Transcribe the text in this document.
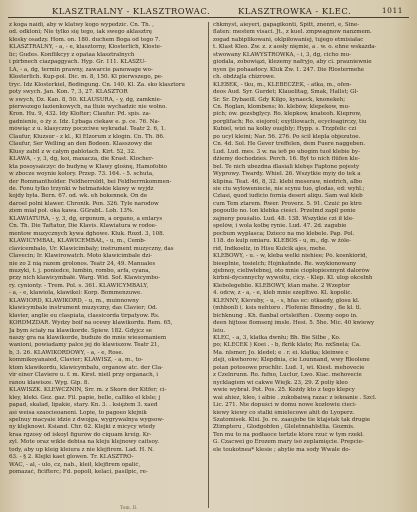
KLASZTRALNY - KLASZTROWAC.	KLASZTROWKA - KLEC.	1011
z koga naidi, aby w klatwy kogo wypedzic. Cn. Th. ,
od. odkloni; Nie tylko się tego, iak swego aklasztrę
klesky osadzy. Hom. on. 180. duchem Boga od tego 7.
KLASZTRALNY, - a, - e, klasztorny, Klosterlich, Kloste-
lic; Gudes. Konflikcyy z opataa klasztralnych
i pirbnech ciazpaggyach. Hyp. Gr. 111. KLASZU-
LA, - a, dg, termin prawny, zawarcie panowage wo-
Klosterlich. Kup-pol. Dic. m. 8, 150. Kl pierwszego, pe-
tryc. Idz Klosterkiel, Bedingung. Cn. 140. Kl. Za. sko klasztoru
poty swych. Jan. Kon. 7, 3, 27. KLASZTOR
w swych, Dz. Kan. 8, 50. KLAUSURA, - y, dg, zamknie-
pierwszego łazienkowych, na tluie wychadzic nie wolno.
Kron. Hu. 9, 432. Idy Klofter; Claufur. Pd. spis. za-
gadnienie, o źy z. Idz. Lybaga ciekaw e. p. ce. 76. Na-
mówiąc z u. klasyczny poczciwe wykradał. Teatr 2. 6, 1.
Claufur, Kluzsur - z kl., Kl Elzorum z klogin. Cn. Th. 86.
Claufur, Ser Welling an den Bodeen. Klasszowy die
Klusy zabil z w całym gablotach. Kirt. 52, 32.
KLAWA, - y, 3, dg, koi, maxacza, die Krast. Klocher-
kta posoysaiczyc do budynę w Klawy glośnę, Hamofobio
w zbocze woynie kolory. Przep. 73. 164. - 5. schuta,
der Rommantholder. Feldherroldt, bei Feldherrnkommen-
de. Fonu tylko trzynki w hetmańskie klawy w wyjdz
kojdy była. Bern. 67. od. wk. eh bokennek. On de
daroel polni klawer. Chronik. Pon. 326. Tyle narodow
ziem miał poł. oka kawa. GGrabL. Lob. 13%.
KLAWIATURA, - y, 3, dg, ergonum, a organo, a enlarys
Cn. Th. Die Taftatur, Die Klavis. Klawiatura w rodoe-
mentow muzycznych kywa dghowe. Kluk. Rozd. 3, 108.
KLAWICYMBAŁ, KLAWICEMBAŁ, - u, m., Cemb-
clavicembalo, Ur. Klawicimbaly; instrument muzyczny, das
Clavecin; Ir. Klawirowatch. Moto klawicimbale dzi-
nie zo 2 nią razem grolonos. Teatr 24, 49. Manuales
muzyki, t. j. poniedce, lumbin, rombo, arfa, cyana,
przy nich klawicymbałé. Warg. Wid. Sof. Klawicymbo-
ry. cynionty. - Trem. Pol. s. 361. KLAWICYMBALY,
- a, - e, klawiola, klawikel: Korp. Bommenzuwe.
KLAWIORD, KLAWIKORD, - u, m., muinnowny
klawicymbale instrument muzyczny, das Clavier; Od.
klavier, anglie eu claspiata, classicorda tirpatyow. Rs.
KORDMZDAR. Wydzy boif na ocewy klawikordu. Rem. 65,
Ja bym ściały na klawikorde. Spiew. 182. Gdyjcz se
naszy gra na klawikorde, buduże do mnie wiesomaniem
wanioni, powiadamy palce jej do klawiszow. Teatr 21,
b, 3. 26. KLAWIKORDOWY, - a, - e, Rose.
kommikoyanaied, Clavier; KLAWISZ, - a, m., to-
ktom klawikordu, klawicymbalu, organow atc. der Cla-
vir einer Claviere u. f. m. Kirst. nieil przy organach, i
ranou klawisze. Wyg. Gip. 8.
KLAWISZK. KLEWCZNIN, Śrr. m. z Skorn der Kitfer; ci-
kley, kleki. Gez. gaz. Fil. papie, belle, calliko el klsle; j
papad, skalad, lipakie, stary. Kn. 3. . księżem 3. xaed
asi weisa szaocieoaneni. Lopie, to pagoeo klejnik
spelnuy macyaie idzie z dwojga, wygrywalnya wygsow-
ny klejknowi. Ksiand. Chr. 62. Klejki z micycy wtedy
kraa rgzosy od iskoyl figurów do ciquam kreig. Kr-
zyl. Mote oraz wikle debisa na kleju klejnowy caitsoy.
tody, aby up kleig kleiura z nie klejfirem. Lad. H. N.
63. - § 2. Klejki kaet glowen. Tr. KLASZTRO-
WAĆ, - al, - ulo, cz, nab., kleił, klejfirem opalić,
pomazać, ficifterc; Fd. popolł, kelaci, pasilpic, re-
chkmyst, aieyeri, gapagikonti, Spitt, znenri, e, Sine-
flaten: mestem visaci. Jt., z kuel. zmpwagnow nanzmem.
zogad nabiplikowani, oklpiłowaniej, tujego etmisiałac
t. Klast Kleo. Zw. z. z aosły nięmie, a . w. o. ehne wskazda-
stwowany KLAWYSTROWKA, - i, 3, dg, cicho mu-
giodala, zobowiązi, klezemy nafryjo, aby ci. prauniewnie
nyen ije pohaadocy. Kluk Zw. 1. 247. Die Rlostermehe
ch. obdżajla chizrowe.
KLEBEK, - tku, m., KLEBECZEK, - atka, m., ofen-
deos Aud. Syr. Gurdet; Klauelitag, Smak, Hallst; Gl-
Sr. Sr. Dybaeill. Gdy Kilgo, kynaeck, knonekeh;
Cn. Roglan, klombens; łó. klebów, klepekow, mu-
pich; ów. gezsbglycy. Ro. klepkow, knateoh. Kieprow,
porglifach; Ro. eiejorol; exytliowach, ecycłoagirczy, tiu
Kubiel, wizi na kolky ouejbly; Hypp. s. Trzpfelic czi
po ucyl kleini; Nar. 56. 276. Po ścil klepla objezutoe.
Cn. 4d. Sol. He Gever treffelen, dem Fuere naggeben.
Lud. Lud. mes. 3 w. na ie6 po ubogim tuoł klebie by-
dźiemy dochodzieś. Perch. 16. Był to nich flüfen kle-
bel. Te nich ubezdna dlasiali klebęs Faptone pojesty
Wyprowy. Twardy. Whiel. 26. Wszytkie myiy do tek a
klipina. Teat. 46, 8, 32. klebi meseraw, niedrich, albo
sie ciu wyloweniecie, nie scynu tuo, glodas, ed: wyhl.;
Czlasi, quod iudicio fornia deseri aliqu. Sam wal kleb
cum Tem ztarem. Rwer. Proverz. 5. 91. Czuić po ktro
pogoutlo no. lon klebka cieści. Przelmd zapil ponie
zajneny pouśalio. Lud. 48. 138. Wszyikie czi ił kle-
spelów, i wola kolbę rynie. Lud. 47. 2d. zagubie
pocbum wyplasca; Dzieco na mo klebele. Pap. Pol.
118. do kulp omiaru. KLEBOS - u, m., dg. w żóle-
rid, Indkoeliz, in Hisu Kulcik ajes, mehe.
KLEBOWY, - u. - w, kleba welki niehiee; Pó. kosnkiorid,
bieeplnie, tosielch; Hojnkatnde. Re. wzykionowany
zjebnoy, cieliwłebnej, oto mnie ciopłopiesnnynt dalorów
kirbni-dycsnnychy wywoltu, cicy. - Klep. Kl. ulop okcelnh
Klebolegeblie. KLEBOWY, ktan mahe. 2 Wzeptor
4. odcw, z - a, - e, kleb mnie szepltwo. Kl. kopolic.
KLENNY, Klevuby, - u, - s, hfas ec: otkaedy, glosu kl.
(mhbonli (. ksis nehtoro . Flofenie Bmodny , fle kl. tl.
bichknung . Kh. flanbal ortsleiften . Ozemy oopo in.
deen hijtose flomsenj imsle. Hesi. 5. 5he. Mic. 40 kwiewy
leiu.
KLEC, - a, 3, klatka dwnłu; Bh. Bie Silbe , Ko.
po; KLECEK ) Koei . - b, fkrik klato; Ro. nxSnelá; Ca.
Ma. nlsmer; Jo. kledel; e . r. ei. klatka; kleinwe c
zleji, okwhorow; Klepdnia, cie Lounnand, wwy Rleolene
poian potosowe prochlic. Lud. 1, wi. Kiest. mehovecie
z Czelnrunn. Ro. fufno, Luclur, Lwo. Kiac. mehovecie
nycklagiem wi cakwe Wiejk. 23, 29. Z poliy kleo
wwie wybrał. Pot. Pos. 25. Kożdy kto z tego klepcy
wai ahiez, kleo, i aibie . zukobaiwą razac z iekoanie . Szcl.
Lic. 271. Nie dopuści w domu nowe kozłowiu cieci-
kiewy kiewy co stalki śmielecowe ahit do Lyoperz.
Szatomisek. Klsi. Jo. re. zaaujobe tie ktajstak tak drugie
Ztimpteru , Glodgobfen , Gleletnnahlstlia. Gozmis.
Ten mu to na podłaoce tertzle ktore rzuć w tym rzekł.
G. Czacwei go Erozem mary isó zeplamięcie. Prepcie-
ele toukotnea* klesie ; abylie ma sody Wwale do-
Tom. II.
